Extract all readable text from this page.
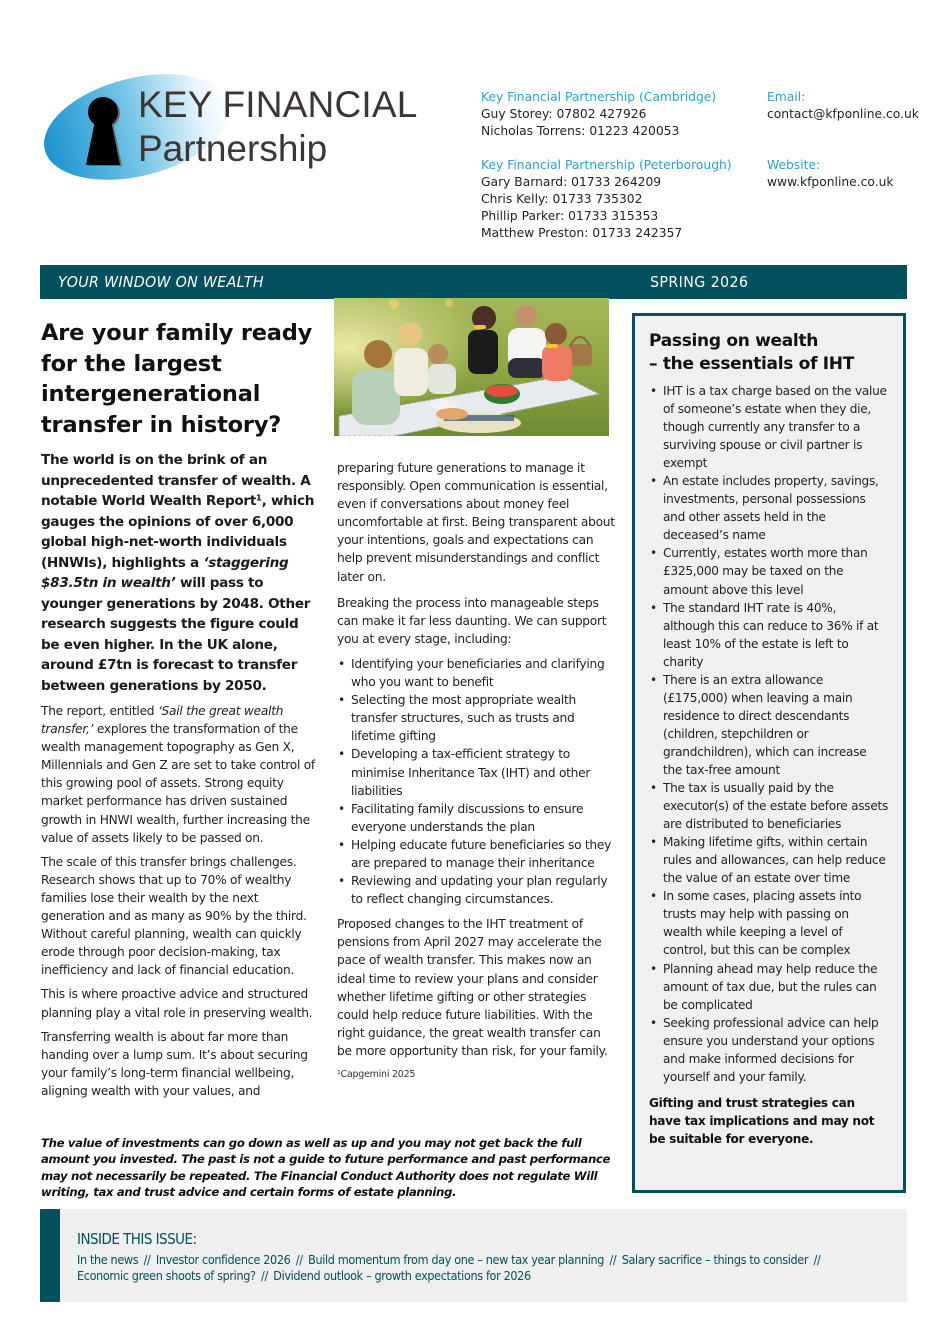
KEY FINANCIAL
Partnership
Key Financial Partnership (Cambridge)
Guy Storey: 07802 427926
Nicholas Torrens: 01223 420053
Key Financial Partnership (Peterborough)
Gary Barnard: 01733 264209
Chris Kelly: 01733 735302
Phillip Parker: 01733 315353
Matthew Preston: 01733 242357
Email:
contact@kfponline.co.uk
Website:
www.kfponline.co.uk
YOUR WINDOW ON WEALTH	SPRING 2026
Are your family ready for the largest intergenerational transfer in history?

The world is on the brink of an unprecedented transfer of wealth. A notable World Wealth Report¹, which gauges the opinions of over 6,000 global high-net-worth individuals (HNWIs), highlights a ‘staggering $83.5tn in wealth’ will pass to younger generations by 2048. Other research suggests the figure could be even higher. In the UK alone, around £7tn is forecast to transfer between generations by 2050.

The report, entitled ‘Sail the great wealth transfer,’ explores the transformation of the wealth management topography as Gen X, Millennials and Gen Z are set to take control of this growing pool of assets. Strong equity market performance has driven sustained growth in HNWI wealth, further increasing the value of assets likely to be passed on.

The scale of this transfer brings challenges. Research shows that up to 70% of wealthy families lose their wealth by the next generation and as many as 90% by the third. Without careful planning, wealth can quickly erode through poor decision-making, tax inefficiency and lack of financial education.

This is where proactive advice and structured planning play a vital role in preserving wealth.

Transferring wealth is about far more than handing over a lump sum. It’s about securing your family’s long-term financial wellbeing, aligning wealth with your values, and

preparing future generations to manage it responsibly. Open communication is essential, even if conversations about money feel uncomfortable at first. Being transparent about your intentions, goals and expectations can help prevent misunderstandings and conflict later on.

Breaking the process into manageable steps can make it far less daunting. We can support you at every stage, including:

• Identifying your beneficiaries and clarifying who you want to benefit
• Selecting the most appropriate wealth transfer structures, such as trusts and lifetime gifting
• Developing a tax-efficient strategy to minimise Inheritance Tax (IHT) and other liabilities
• Facilitating family discussions to ensure everyone understands the plan
• Helping educate future beneficiaries so they are prepared to manage their inheritance
• Reviewing and updating your plan regularly to reflect changing circumstances.

Proposed changes to the IHT treatment of pensions from April 2027 may accelerate the pace of wealth transfer. This makes now an ideal time to review your plans and consider whether lifetime gifting or other strategies could help reduce future liabilities. With the right guidance, the great wealth transfer can be more opportunity than risk, for your family.

¹Capgemini 2025
Passing on wealth
– the essentials of IHT
• IHT is a tax charge based on the value of someone’s estate when they die, though currently any transfer to a surviving spouse or civil partner is exempt
• An estate includes property, savings, investments, personal possessions and other assets held in the deceased’s name
• Currently, estates worth more than £325,000 may be taxed on the amount above this level
• The standard IHT rate is 40%, although this can reduce to 36% if at least 10% of the estate is left to charity
• There is an extra allowance (£175,000) when leaving a main residence to direct descendants (children, stepchildren or grandchildren), which can increase the tax-free amount
• The tax is usually paid by the executor(s) of the estate before assets are distributed to beneficiaries
• Making lifetime gifts, within certain rules and allowances, can help reduce the value of an estate over time
• In some cases, placing assets into trusts may help with passing on wealth while keeping a level of control, but this can be complex
• Planning ahead may help reduce the amount of tax due, but the rules can be complicated
• Seeking professional advice can help ensure you understand your options and make informed decisions for yourself and your family.

Gifting and trust strategies can have tax implications and may not be suitable for everyone.

The value of investments can go down as well as up and you may not get back the full amount you invested. The past is not a guide to future performance and past performance may not necessarily be repeated. The Financial Conduct Authority does not regulate Will writing, tax and trust advice and certain forms of estate planning.

INSIDE THIS ISSUE:
In the news // Investor confidence 2026 // Build momentum from day one – new tax year planning // Salary sacrifice – things to consider //
Economic green shoots of spring? // Dividend outlook – growth expectations for 2026
